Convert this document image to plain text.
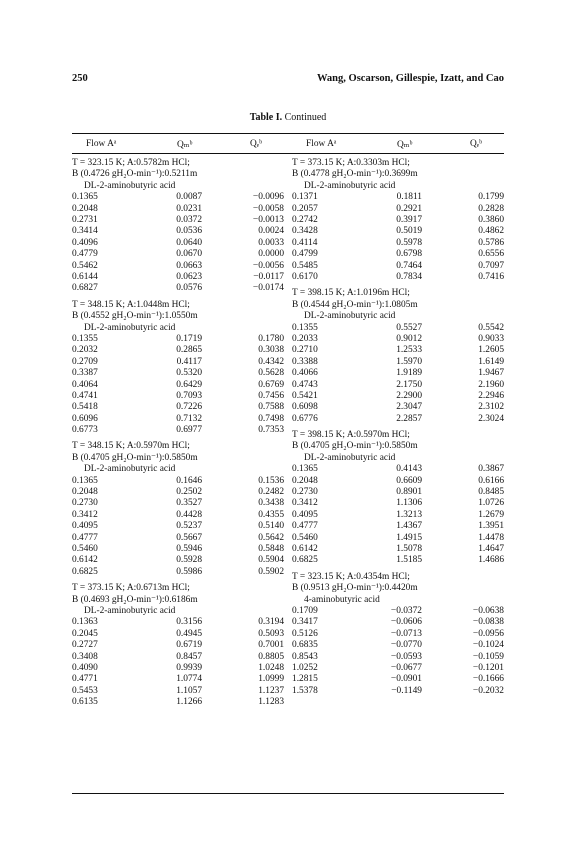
250	Wang, Oscarson, Gillespie, Izatt, and Cao
Table I. Continued
Flow Aᵃ	Qₘᵇ	Qₑᵇ	Flow Aᵃ	Qₘᵇ	Qₑᵇ
T = 323.15 K; A:0.5782m HCl;
B (0.4726 gH₂O-min⁻¹):0.5211m
DL-2-aminobutyric acid
0.1365	0.0087	−0.0096
0.2048	0.0231	−0.0058
0.2731	0.0372	−0.0013
0.3414	0.0536	0.0024
0.4096	0.0640	0.0033
0.4779	0.0670	0.0000
0.5462	0.0663	−0.0056
0.6144	0.0623	−0.0117
0.6827	0.0576	−0.0174
T = 348.15 K; A:1.0448m HCl;
B (0.4552 gH₂O-min⁻¹):1.0550m
DL-2-aminobutyric acid
0.1355	0.1719	0.1780
0.2032	0.2865	0.3038
0.2709	0.4117	0.4342
0.3387	0.5320	0.5628
0.4064	0.6429	0.6769
0.4741	0.7093	0.7456
0.5418	0.7226	0.7588
0.6096	0.7132	0.7498
0.6773	0.6977	0.7353
T = 348.15 K; A:0.5970m HCl;
B (0.4705 gH₂O-min⁻¹):0.5850m
DL-2-aminobutyric acid
0.1365	0.1646	0.1536
0.2048	0.2502	0.2482
0.2730	0.3527	0.3438
0.3412	0.4428	0.4355
0.4095	0.5237	0.5140
0.4777	0.5667	0.5642
0.5460	0.5946	0.5848
0.6142	0.5928	0.5904
0.6825	0.5986	0.5902
T = 373.15 K; A:0.6713m HCl;
B (0.4693 gH₂O-min⁻¹):0.6186m
DL-2-aminobutyric acid
0.1363	0.3156	0.3194
0.2045	0.4945	0.5093
0.2727	0.6719	0.7001
0.3408	0.8457	0.8805
0.4090	0.9939	1.0248
0.4771	1.0774	1.0999
0.5453	1.1057	1.1237
0.6135	1.1266	1.1283
T = 373.15 K; A:0.3303m HCl;
B (0.4778 gH₂O-min⁻¹):0.3699m
DL-2-aminobutyric acid
0.1371	0.1811	0.1799
0.2057	0.2921	0.2828
0.2742	0.3917	0.3860
0.3428	0.5019	0.4862
0.4114	0.5978	0.5786
0.4799	0.6798	0.6556
0.5485	0.7464	0.7097
0.6170	0.7834	0.7416
T = 398.15 K; A:1.0196m HCl;
B (0.4544 gH₂O-min⁻¹):1.0805m
DL-2-aminobutyric acid
0.1355	0.5527	0.5542
0.2033	0.9012	0.9033
0.2710	1.2533	1.2605
0.3388	1.5970	1.6149
0.4066	1.9189	1.9467
0.4743	2.1750	2.1960
0.5421	2.2900	2.2946
0.6098	2.3047	2.3102
0.6776	2.2857	2.3024
T = 398.15 K; A:0.5970m HCl;
B (0.4705 gH₂O-min⁻¹):0.5850m
DL-2-aminobutyric acid
0.1365	0.4143	0.3867
0.2048	0.6609	0.6166
0.2730	0.8901	0.8485
0.3412	1.1306	1.0726
0.4095	1.3213	1.2679
0.4777	1.4367	1.3951
0.5460	1.4915	1.4478
0.6142	1.5078	1.4647
0.6825	1.5185	1.4686
T = 323.15 K; A:0.4354m HCl;
B (0.9513 gH₂O-min⁻¹):0.4420m
4-aminobutyric acid
0.1709	−0.0372	−0.0638
0.3417	−0.0606	−0.0838
0.5126	−0.0713	−0.0956
0.6835	−0.0770	−0.1024
0.8543	−0.0593	−0.1059
1.0252	−0.0677	−0.1201
1.2815	−0.0901	−0.1666
1.5378	−0.1149	−0.2032
